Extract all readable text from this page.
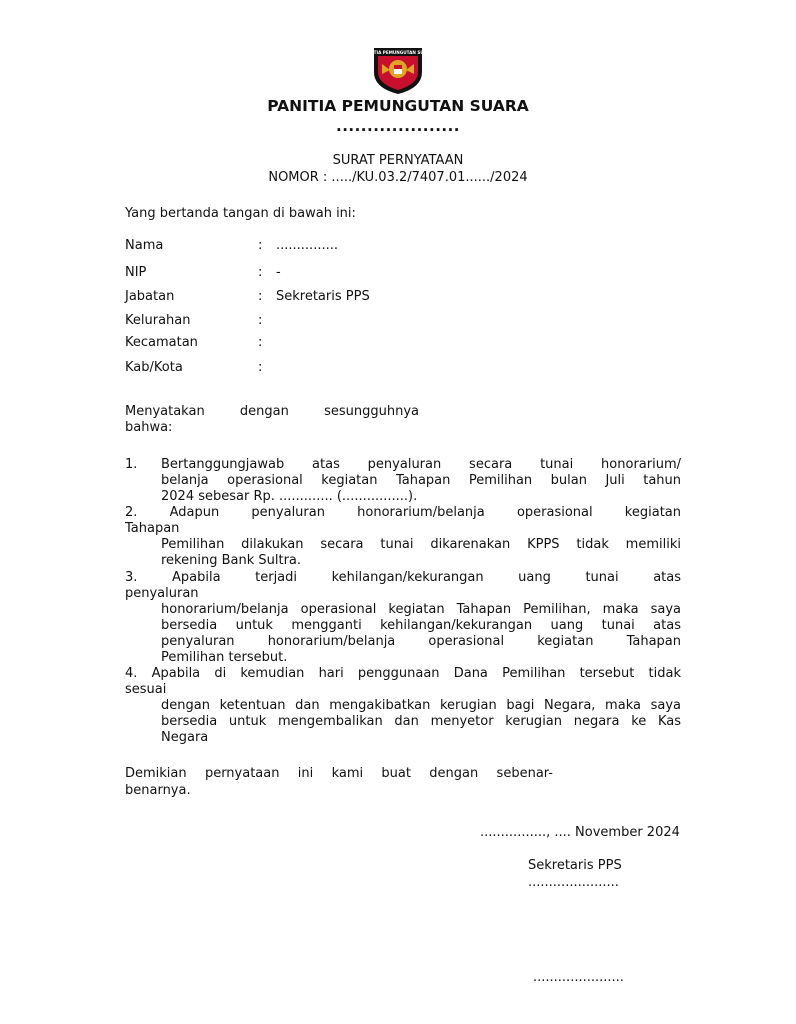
PANITIA PEMUNGUTAN SUARA
PANITIA PEMUNGUTAN SUARA
....................
SURAT PERNYATAAN
NOMOR : ...../KU.03.2/7407.01....../2024
Yang bertanda tangan di bawah ini:
Nama	: ...............
NIP	: -
Jabatan	: Sekretaris PPS
Kelurahan	:
Kecamatan	:
Kab/Kota	:
Menyatakan dengan sesungguhnya
bahwa:
1. Bertanggungjawab atas penyaluran secara tunai honorarium/
belanja operasional kegiatan Tahapan Pemilihan bulan Juli tahun
2024 sebesar Rp. ............. (................).
2. Adapun penyaluran honorarium/belanja operasional kegiatan
Tahapan
Pemilihan dilakukan secara tunai dikarenakan KPPS tidak memiliki
rekening Bank Sultra.
3.	Apabila terjadi kehilangan/kekurangan uang tunai atas
penyaluran
honorarium/belanja operasional kegiatan Tahapan Pemilihan, maka saya
bersedia untuk mengganti kehilangan/kekurangan uang tunai atas
penyaluran honorarium/belanja operasional kegiatan Tahapan
Pemilihan tersebut.
4. Apabila di kemudian hari penggunaan Dana Pemilihan tersebut tidak
sesuai
dengan ketentuan dan mengakibatkan kerugian bagi Negara, maka saya
bersedia untuk mengembalikan dan menyetor kerugian negara ke Kas
Negara
Demikian pernyataan ini kami buat dengan sebenar-
benarnya.
................, .... November 2024
Sekretaris PPS
......................
......................
